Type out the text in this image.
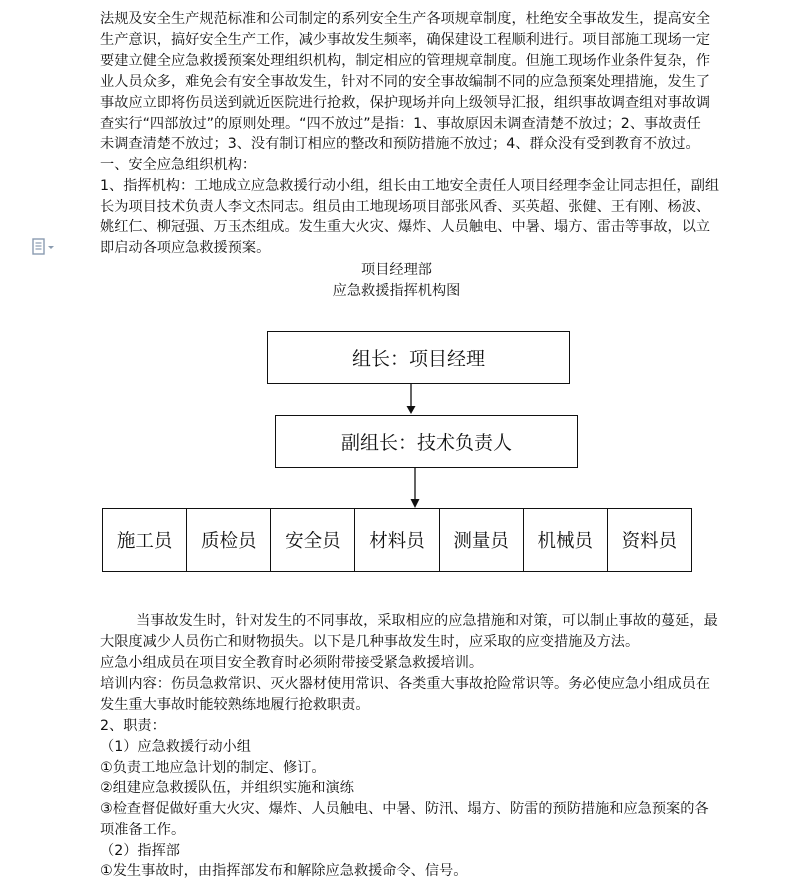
法规及安全生产规范标准和公司制定的系列安全生产各项规章制度，杜绝安全事故发生，提高安全

生产意识，搞好安全生产工作，减少事故发生频率，确保建设工程顺利进行。项目部施工现场一定

要建立健全应急救援预案处理组织机构，制定相应的管理规章制度。但施工现场作业条件复杂，作

业人员众多，难免会有安全事故发生，针对不同的安全事故编制不同的应急预案处理措施，发生了

事故应立即将伤员送到就近医院进行抢救，保护现场并向上级领导汇报，组织事故调查组对事故调

查实行“四部放过”的原则处理。“四不放过”是指：1、事故原因未调查清楚不放过；2、事故责任

未调查清楚不放过；3、没有制订相应的整改和预防措施不放过；4、群众没有受到教育不放过。

一、安全应急组织机构：

1、指挥机构：工地成立应急救援行动小组，组长由工地安全责任人项目经理李金让同志担任，副组

长为项目技术负责人李文杰同志。组员由工地现场项目部张风香、买英超、张健、王有刚、杨波、

姚红仁、柳冠强、万玉杰组成。发生重大火灾、爆炸、人员触电、中暑、塌方、雷击等事故，以立

即启动各项应急救援预案。

项目经理部
应急救援指挥机构图
组长：项目经理
副组长：技术负责人
施工员	质检员	安全员	材料员	测量员	机械员	资料员

当事故发生时，针对发生的不同事故，采取相应的应急措施和对策，可以制止事故的蔓延，最

大限度减少人员伤亡和财物损失。以下是几种事故发生时，应采取的应变措施及方法。

应急小组成员在项目安全教育时必须附带接受紧急救援培训。

培训内容：伤员急救常识、灭火器材使用常识、各类重大事故抢险常识等。务必使应急小组成员在

发生重大事故时能较熟练地履行抢救职责。

2、职责：

（1）应急救援行动小组

①负责工地应急计划的制定、修订。

②组建应急救援队伍，并组织实施和演练

③检查督促做好重大火灾、爆炸、人员触电、中暑、防汛、塌方、防雷的预防措施和应急预案的各

项准备工作。

（2）指挥部

①发生事故时，由指挥部发布和解除应急救援命令、信号。
